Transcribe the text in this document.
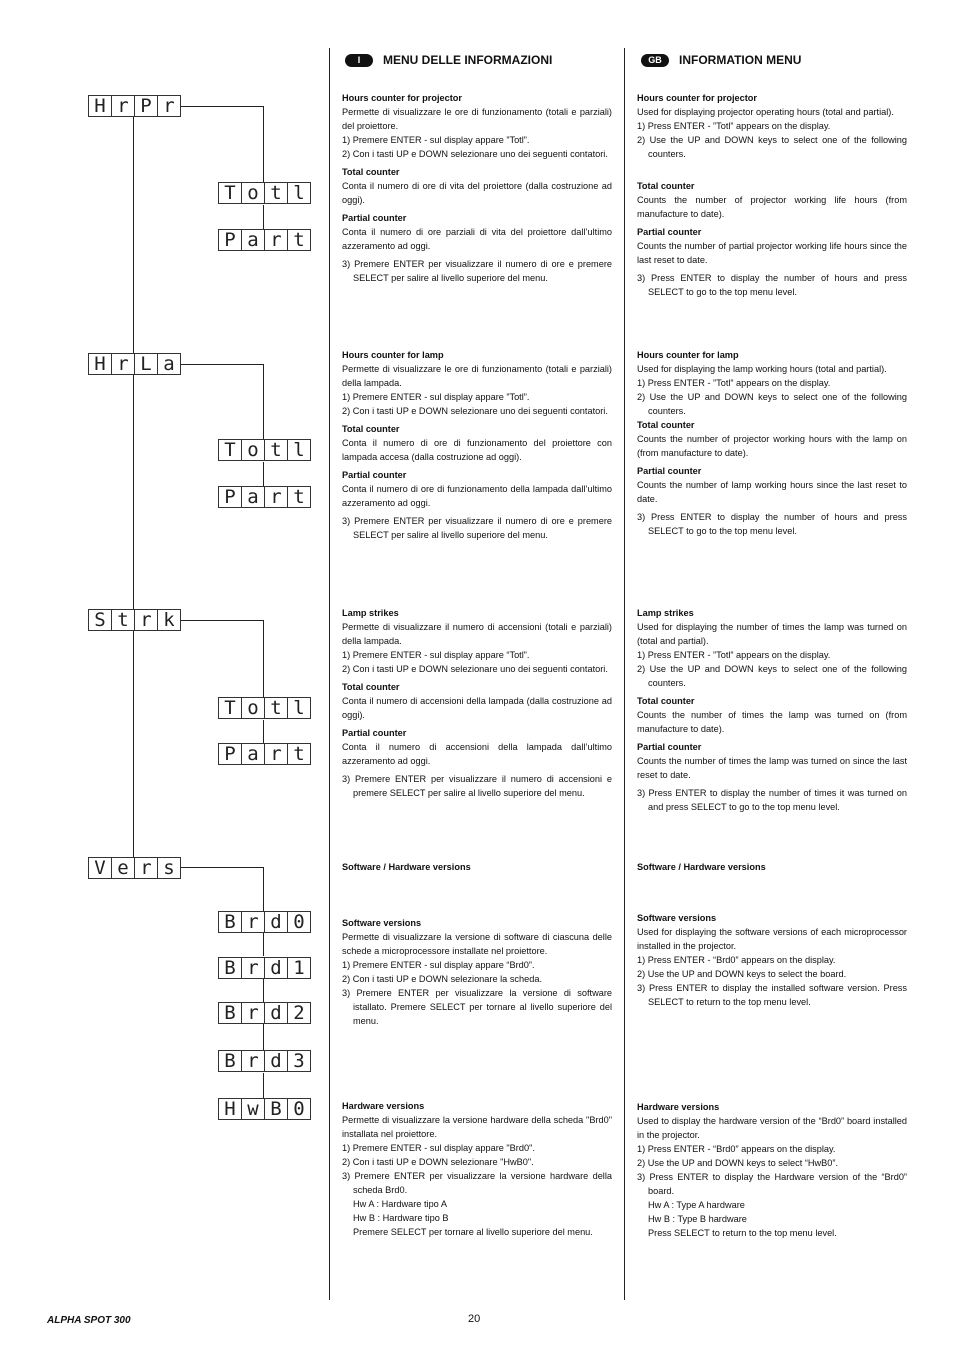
I	MENU DELLE INFORMAZIONI	GB	INFORMATION MENU
H r P r
T o t l
P a r t
H r L a
T o t l
P a r t
S t r k
T o t l
P a r t
V e r s
B r d 0
B r d 1
B r d 2
B r d 3
H w B 0
Hours counter for projector

Permette di visualizzare le ore di funzionamento (totali e parziali) del proiettore.

1) Premere ENTER - sul display appare ”Totl”.

2) Con i tasti UP e DOWN selezionare uno dei seguenti contatori.

Total counter

Conta il numero di ore di vita del proiettore (dalla costruzione ad oggi).

Partial counter

Conta il numero di ore parziali di vita del proiettore dall’ultimo azzeramento ad oggi.

3) Premere ENTER per visualizzare il numero di ore e premere SELECT per salire al livello superiore del menu.

Hours counter for lamp

Permette di visualizzare le ore di funzionamento (totali e parziali) della lampada.

1) Premere ENTER - sul display appare ”Totl”.

2) Con i tasti UP e DOWN selezionare uno dei seguenti contatori.

Total counter

Conta il numero di ore di funzionamento del proiettore con lampada accesa (dalla costruzione ad oggi).

Partial counter

Conta il numero di ore di funzionamento della lampada dall’ultimo azzeramento ad oggi.

3) Premere ENTER per visualizzare il numero di ore e premere SELECT per salire al livello superiore del menu.

Lamp strikes

Permette di visualizzare il numero di accensioni (totali e parziali) della lampada.

1) Premere ENTER - sul display appare “Totl”.

2) Con i tasti UP e DOWN selezionare uno dei seguenti contatori.

Total counter

Conta il numero di accensioni della lampada (dalla costruzione ad oggi).

Partial counter

Conta il numero di accensioni della lampada dall’ultimo azzeramento ad oggi.

3) Premere ENTER per visualizzare il numero di accensioni e premere SELECT per salire al livello superiore del menu.

Software / Hardware versions
Software versions

Permette di visualizzare la versione di software di ciascuna delle schede a microprocessore installate nel proiettore.

1) Premere ENTER - sul display appare “Brd0”.

2) Con i tasti UP e DOWN selezionare la scheda.

3) Premere ENTER per visualizzare la versione di software istallato. Premere SELECT per tornare al livello superiore del menu.

Hardware versions

Permette di visualizzare la versione hardware della scheda "Brd0" installata nel proiettore.

1) Premere ENTER - sul display appare "Brd0".

2) Con i tasti UP e DOWN selezionare "HwB0".

3) Premere ENTER per visualizzare la versione hardware della scheda Brd0.

Hw A : Hardware tipo A

Hw B : Hardware tipo B

Premere SELECT per tornare al livello superiore del menu.

Hours counter for projector

Used for displaying projector operating hours (total and partial).

1) Press ENTER - ”Totl” appears on the display.

2) Use the UP and DOWN keys to select one of the following counters.

Total counter

Counts the number of projector working life hours (from manufacture to date).

Partial counter

Counts the number of partial projector working life hours since the last reset to date.

3) Press ENTER to display the number of hours and press SELECT to go to the top menu level.

Hours counter for lamp

Used for displaying the lamp working hours (total and partial).

1) Press ENTER - ”Totl” appears on the display.

2) Use the UP and DOWN keys to select one of the following counters.

Total counter

Counts the number of projector working hours with the lamp on (from manufacture to date).

Partial counter

Counts the number of lamp working hours since the last reset to date.

3) Press ENTER to display the number of hours and press SELECT to go to the top menu level.

Lamp strikes

Used for displaying the number of times the lamp was turned on (total and partial).

1) Press ENTER - ”Totl” appears on the display.

2) Use the UP and DOWN keys to select one of the following counters.

Total counter

Counts the number of times the lamp was turned on (from manufacture to date).

Partial counter

Counts the number of times the lamp was turned on since the last reset to date.

3) Press ENTER to display the number of times it was turned on and press SELECT to go to the top menu level.

Software / Hardware versions
Software versions

Used for displaying the software versions of each microprocessor installed in the projector.

1) Press ENTER - “Brd0” appears on the display.

2) Use the UP and DOWN keys to select the board.

3) Press ENTER to display the installed software version. Press SELECT to return to the top menu level.

Hardware versions

Used to display the hardware version of the “Brd0” board installed in the projector.

1) Press ENTER - “Brd0” appears on the display.

2) Use the UP and DOWN keys to select “HwB0”.

3) Press ENTER to display the Hardware version of the “Brd0” board.

Hw A : Type A hardware

Hw B : Type B hardware

Press SELECT to return to the top menu level.

ALPHA SPOT 300	20
